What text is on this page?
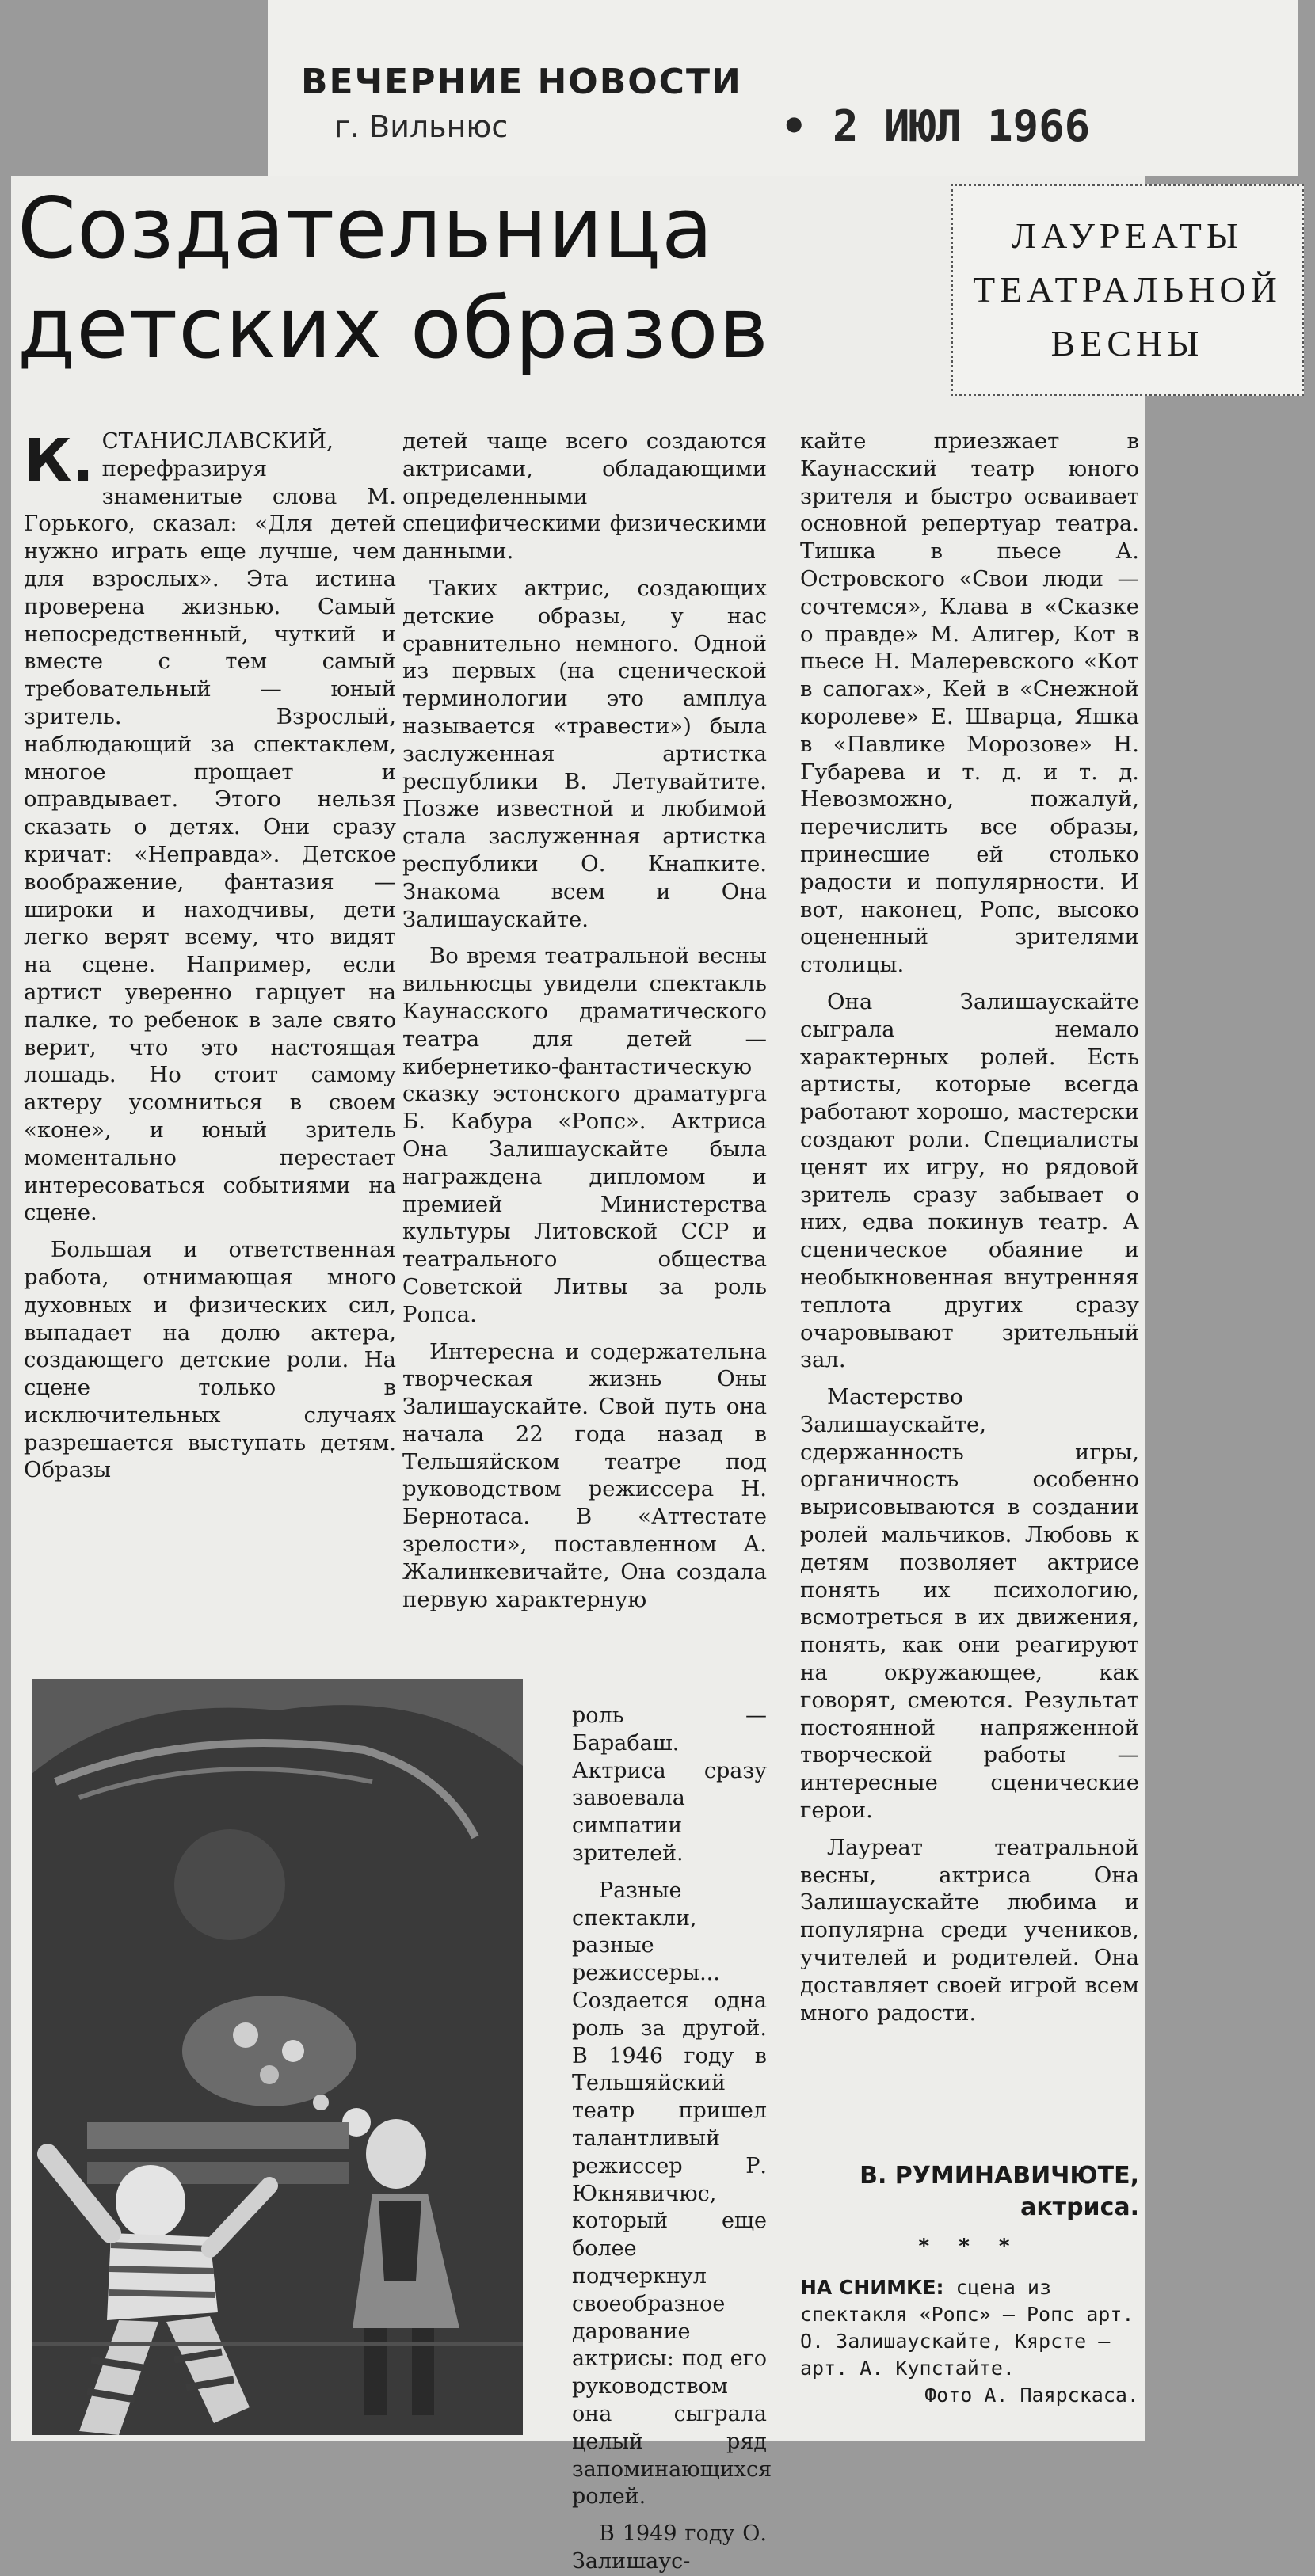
ВЕЧЕРНИЕ НОВОСТИ
г. Вильнюс	• 2 ИЮЛ 1966
Создательница
детских образов
ЛАУРЕАТЫ
ТЕАТРАЛЬНОЙ
ВЕСНЫ

К. СТАНИСЛАВСКИЙ, перефразируя знаменитые слова М. Горького, сказал: «Для детей нужно играть еще лучше, чем для взрослых». Эта истина проверена жизнью. Самый непосредственный, чуткий и вместе с тем самый требовательный — юный зритель. Взрослый, наблюдающий за спектаклем, многое прощает и оправдывает. Этого нельзя сказать о детях. Они сразу кричат: «Неправда». Детское воображение, фантазия — широки и находчивы, дети легко верят всему, что видят на сцене. Например, если артист уверенно гарцует на палке, то ребенок в зале свято верит, что это настоящая лошадь. Но стоит самому актеру усомниться в своем «коне», и юный зритель моментально перестает интересоваться событиями на сцене.

Большая и ответственная работа, отнимающая много духовных и физических сил, выпадает на долю актера, создающего детские роли. На сцене только в исключительных случаях разрешается выступать детям. Образы

детей чаще всего создаются актрисами, обладающими определенными специфическими физическими данными.

Таких актрис, создающих детские образы, у нас сравнительно немного. Одной из первых (на сценической терминологии это амплуа называется «травести») была заслуженная артистка республики В. Летувайтите. Позже известной и любимой стала заслуженная артистка республики О. Кнапките. Знакома всем и Она Залишаускайте.

Во время театральной весны вильнюсцы увидели спектакль Каунасского драматического театра для детей — кибернетико-фантастическую сказку эстонского драматурга Б. Кабура «Ропс». Актриса Она Залишаускайте была награждена дипломом и премией Министерства культуры Литовской ССР и театрального общества Советской Литвы за роль Ропса.

Интересна и содержательна творческая жизнь Оны Залишаускайте. Свой путь она начала 22 года назад в Тельшяйском театре под руководством режиссера Н. Бернотаса. В «Аттестате зрелости», поставленном А. Жалинкевичайте, Она создала первую характерную

роль — Барабаш. Актриса сразу завоевала симпатии зрителей.

Разные спектакли, разные режиссеры... Создается одна роль за другой. В 1946 году в Тельшяйский театр пришел талантливый режиссер Р. Юкнявичюс, который еще более подчеркнул своеобразное дарование актрисы: под его руководством она сыграла целый ряд запоминающихся ролей.

В 1949 году О. Залишаус-

кайте приезжает в Каунасский театр юного зрителя и быстро осваивает основной репертуар театра. Тишка в пьесе А. Островского «Свои люди — сочтемся», Клава в «Сказке о правде» М. Алигер, Кот в пьесе Н. Малеревского «Кот в сапогах», Кей в «Снежной королеве» Е. Шварца, Яшка в «Павлике Морозове» Н. Губарева и т. д. и т. д. Невозможно, пожалуй, перечислить все образы, принесшие ей столько радости и популярности. И вот, наконец, Ропс, высоко оцененный зрителями столицы.

Она Залишаускайте сыграла немало характерных ролей. Есть артисты, которые всегда работают хорошо, мастерски создают роли. Специалисты ценят их игру, но рядовой зритель сразу забывает о них, едва покинув театр. А сценическое обаяние и необыкновенная внутренняя теплота других сразу очаровывают зрительный зал.

Мастерство Залишаускайте, сдержанность игры, органичность особенно вырисовываются в создании ролей мальчиков. Любовь к детям позволяет актрисе понять их психологию, всмотреться в их движения, понять, как они реагируют на окружающее, как говорят, смеются. Результат постоянной напряженной творческой работы — интересные сценические герои.

Лауреат театральной весны, актриса Она Залишаускайте любима и популярна среди учеников, учителей и родителей. Она доставляет своей игрой всем много радости.

В. РУМИНАВИЧЮТЕ,
актриса.
* * *
НА СНИМКЕ: сцена из спектакля «Ропс» — Ропс арт. О. Залишаускайте, Кярсте — арт. А. Купстайте.
Фото А. Паярскаса.
